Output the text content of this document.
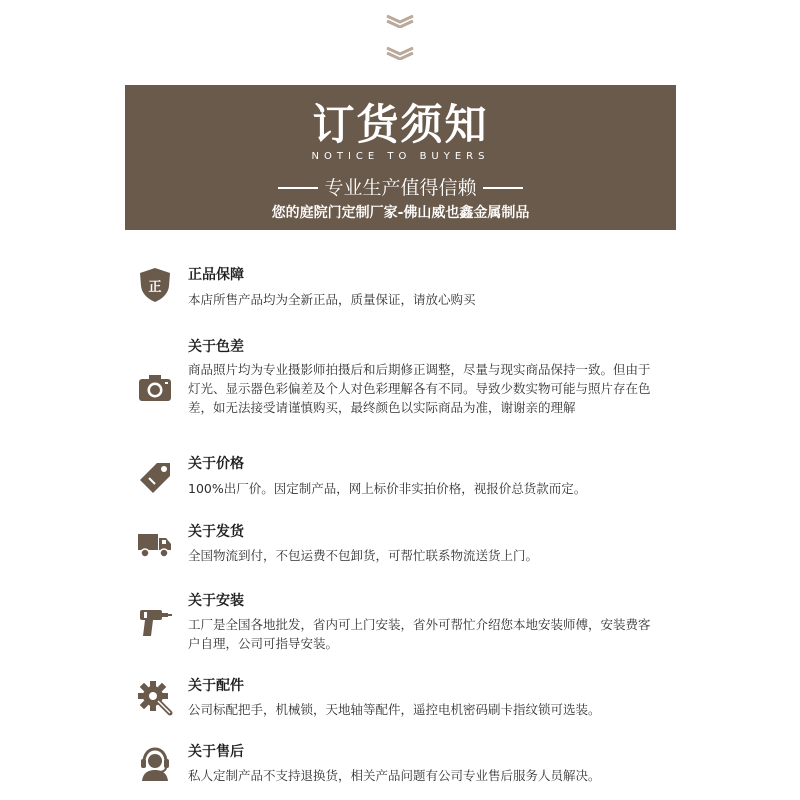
订货须知
NOTICE TO BUYERS
专业生产值得信赖
您的庭院门定制厂家-佛山威也鑫金属制品
正
正品保障
本店所售产品均为全新正品，质量保证，请放心购买
关于色差
商品照片均为专业摄影师拍摄后和后期修正调整，尽量与现实商品保持一致。但由于灯光、显示器色彩偏差及个人对色彩理解各有不同。导致少数实物可能与照片存在色差，如无法接受请谨慎购买，最终颜色以实际商品为准，谢谢亲的理解
关于价格
100%出厂价。因定制产品，网上标价非实拍价格，视报价总货款而定。
关于发货
全国物流到付，不包运费不包卸货，可帮忙联系物流送货上门。
关于安装
工厂是全国各地批发，省内可上门安装，省外可帮忙介绍您本地安装师傅，安装费客户自理，公司可指导安装。
关于配件
公司标配把手，机械锁，天地轴等配件，遥控电机密码刷卡指纹锁可选装。
关于售后
私人定制产品不支持退换货，相关产品问题有公司专业售后服务人员解决。
